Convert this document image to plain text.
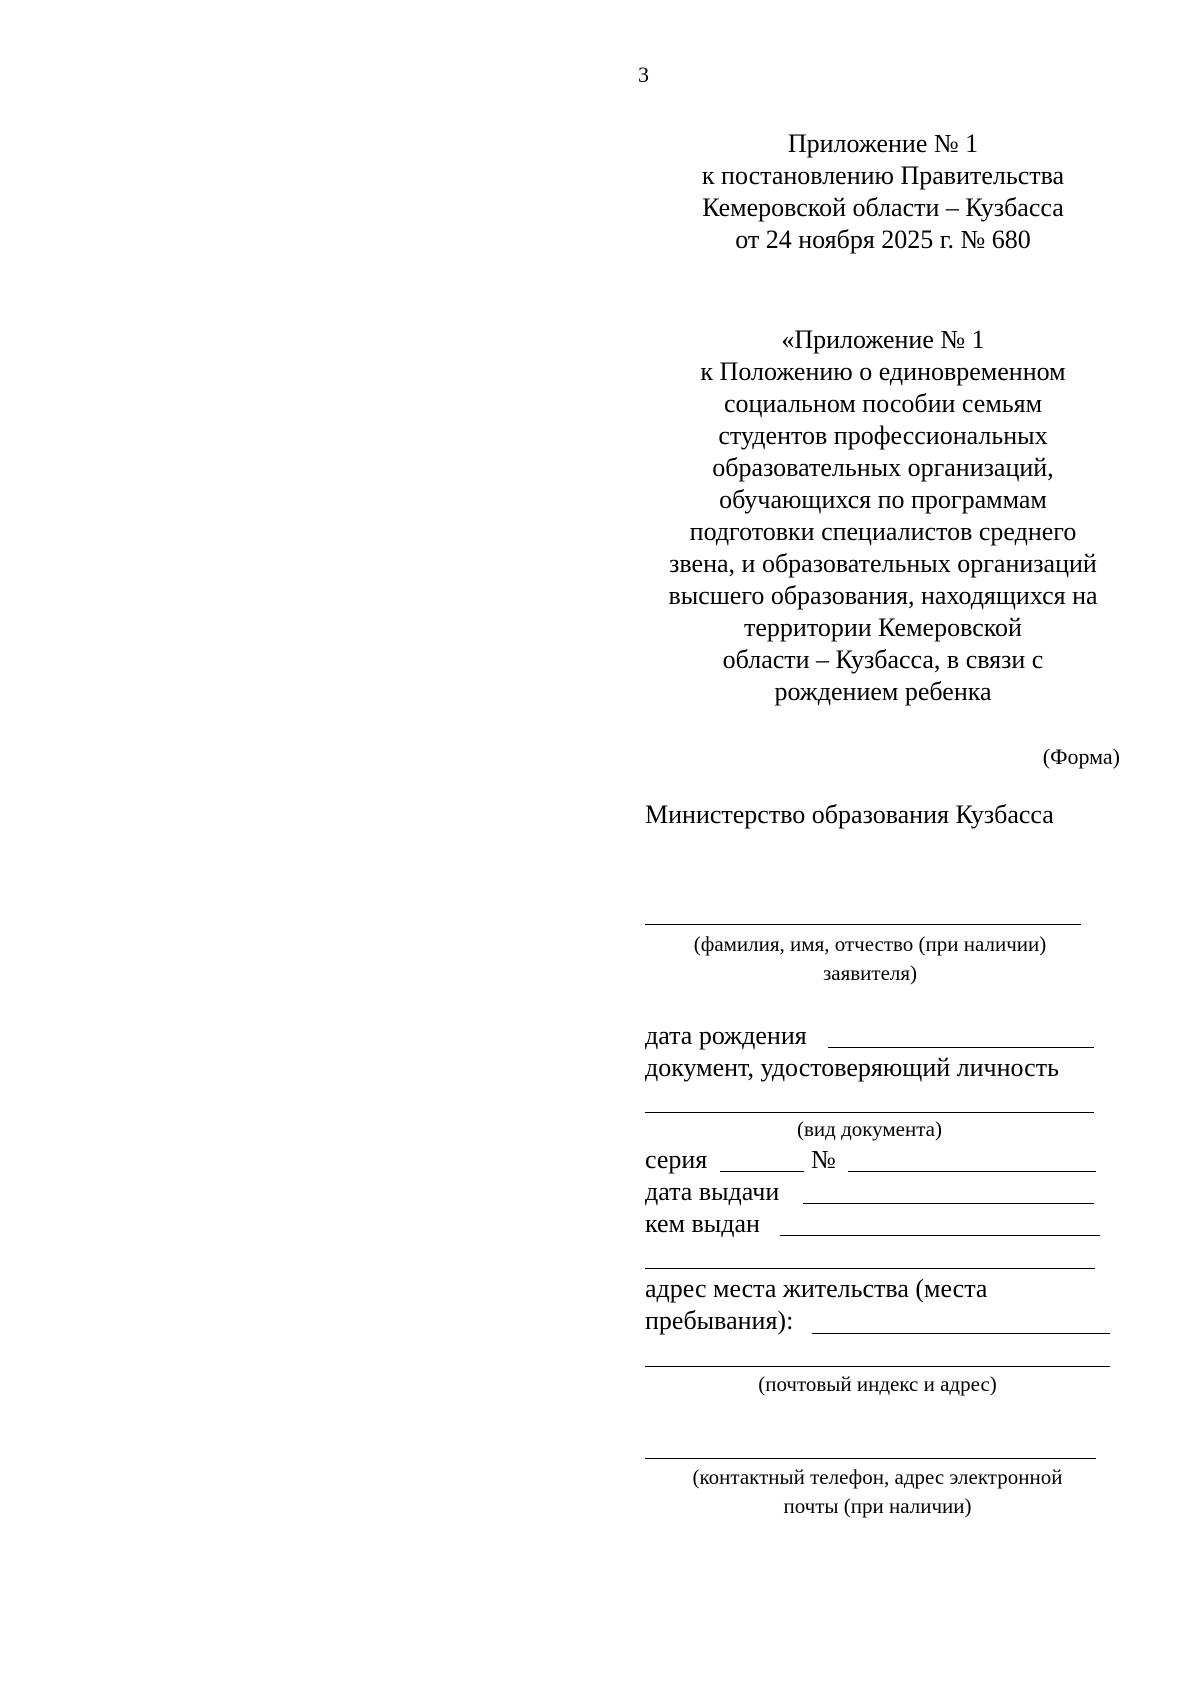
3
Приложение № 1
к постановлению Правительства
Кемеровской области – Кузбасса
от 24 ноября 2025 г. № 680
«Приложение № 1
к Положению о единовременном
социальном пособии семьям
студентов профессиональных
образовательных организаций,
обучающихся по программам
подготовки специалистов среднего
звена, и образовательных организаций
высшего образования, находящихся на
территории Кемеровской
области – Кузбасса, в связи с
рождением ребенка
(Форма)
Министерство образования Кузбасса
(фамилия, имя, отчество (при наличии)
заявителя)
дата рождения
документ, удостоверяющий личность
(вид документа)
серия	№
дата выдачи
кем выдан
адрес места жительства (места
пребывания):
(почтовый индекс и адрес)
(контактный телефон, адрес электронной
почты (при наличии)
